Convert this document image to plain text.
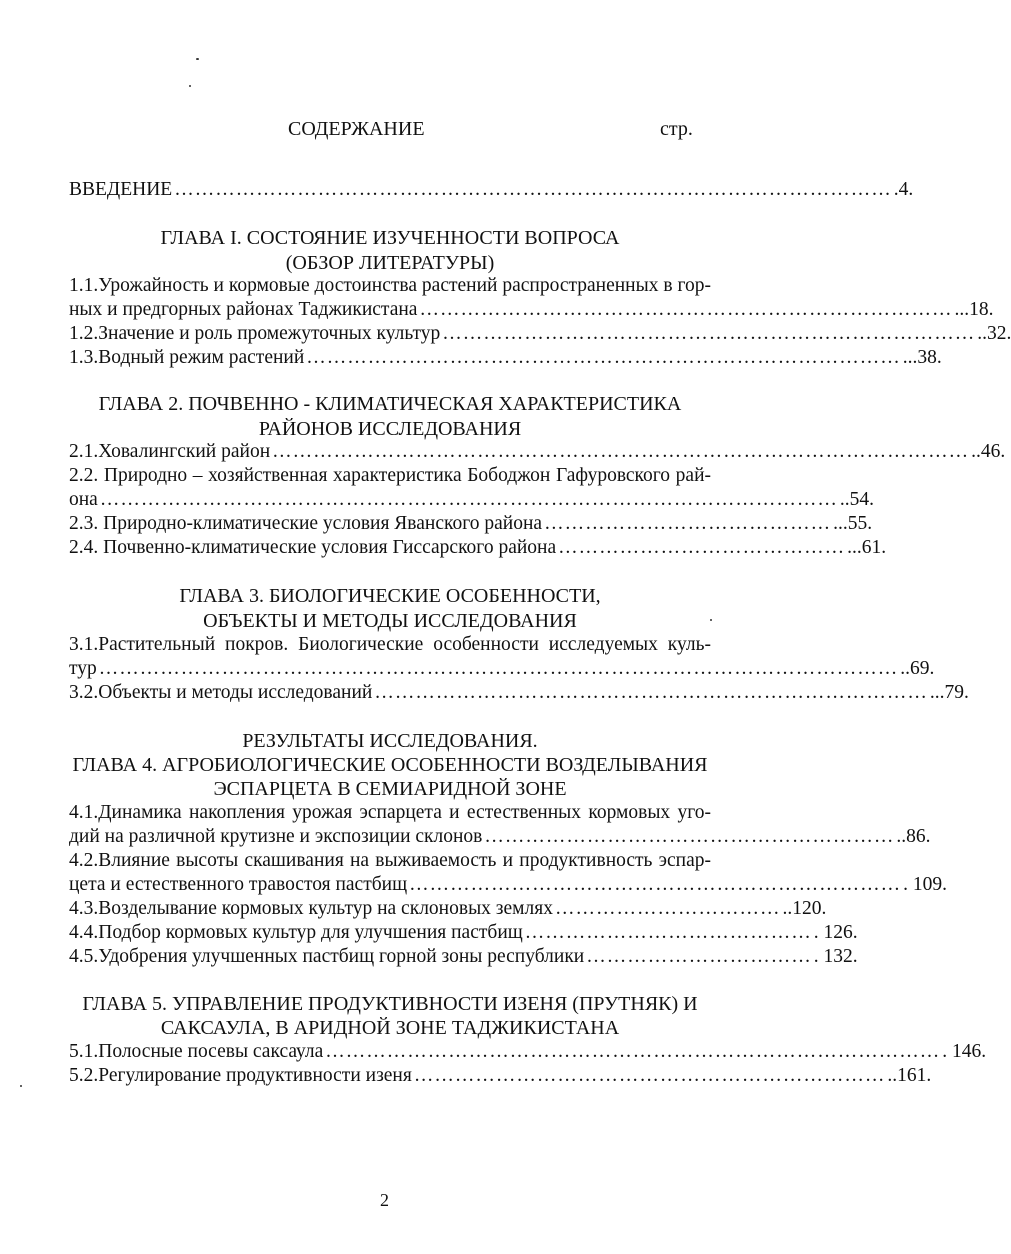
СОДЕРЖАНИЕ	стр.
ВВЕДЕНИЕ …………………………………………………………………………………………… .4.
ГЛАВА I. СОСТОЯНИЕ ИЗУЧЕННОСТИ ВОПРОСА
(ОБЗОР ЛИТЕРАТУРЫ)
1.1.Урожайность и кормовые достоинства растений распространенных в гор-
ных и предгорных районах Таджикистана …………………………………………………………………… ...18.
1.2.Значение и роль промежуточных культур …………………………………………………………………… ..32.
1.3.Водный режим растений …………………………………………………………………………… ...38.
ГЛАВА 2. ПОЧВЕННО - КЛИМАТИЧЕСКАЯ ХАРАКТЕРИСТИКА
РАЙОНОВ ИССЛЕДОВАНИЯ
2.1.Ховалингский район ………………………………………………………………………………………… ..46.
2.2. Природно – хозяйственная характеристика Бободжон Гафуровского рай-
она ……………………………………………………………………………………………… ..54.
2.3. Природно-климатические условия Яванского района …………………………………… ...55.
2.4. Почвенно-климатические условия Гиссарского района …………………………………… ...61.
ГЛАВА 3. БИОЛОГИЧЕСКИЕ ОСОБЕННОСТИ,
ОБЪЕКТЫ И МЕТОДЫ ИССЛЕДОВАНИЯ
3.1.Растительный покров. Биологические особенности исследуемых куль-
тур ……………………………………………………………………………………………………… ..69.
3.2.Объекты и методы исследований ……………………………………………………………………… ...79.
РЕЗУЛЬТАТЫ ИССЛЕДОВАНИЯ.
ГЛАВА 4. АГРОБИОЛОГИЧЕСКИЕ ОСОБЕННОСТИ ВОЗДЕЛЫВАНИЯ
ЭСПАРЦЕТА В СЕМИАРИДНОЙ ЗОНЕ
4.1.Динамика накопления урожая эспарцета и естественных кормовых уго-
дий на различной крутизне и экспозиции склонов …………………………………………………… ..86.
4.2.Влияние высоты скашивания на выживаемость и продуктивность эспар-
цета и естественного травостоя пастбищ ……………………………………………………………… . 109.
4.3.Возделывание кормовых культур на склоновых землях …………………………… ..120.
4.4.Подбор кормовых культур для улучшения пастбищ …………………………………… . 126.
4.5.Удобрения улучшенных пастбищ горной зоны республики …………………………… . 132.
ГЛАВА 5. УПРАВЛЕНИЕ ПРОДУКТИВНОСТИ ИЗЕНЯ (ПРУТНЯК) И
САКСАУЛА, В АРИДНОЙ ЗОНЕ ТАДЖИКИСТАНА
5.1.Полосные посевы саксаула ……………………………………………………………………………… . 146.
5.2.Регулирование продуктивности изеня …………………………………………………………… ..161.
2
